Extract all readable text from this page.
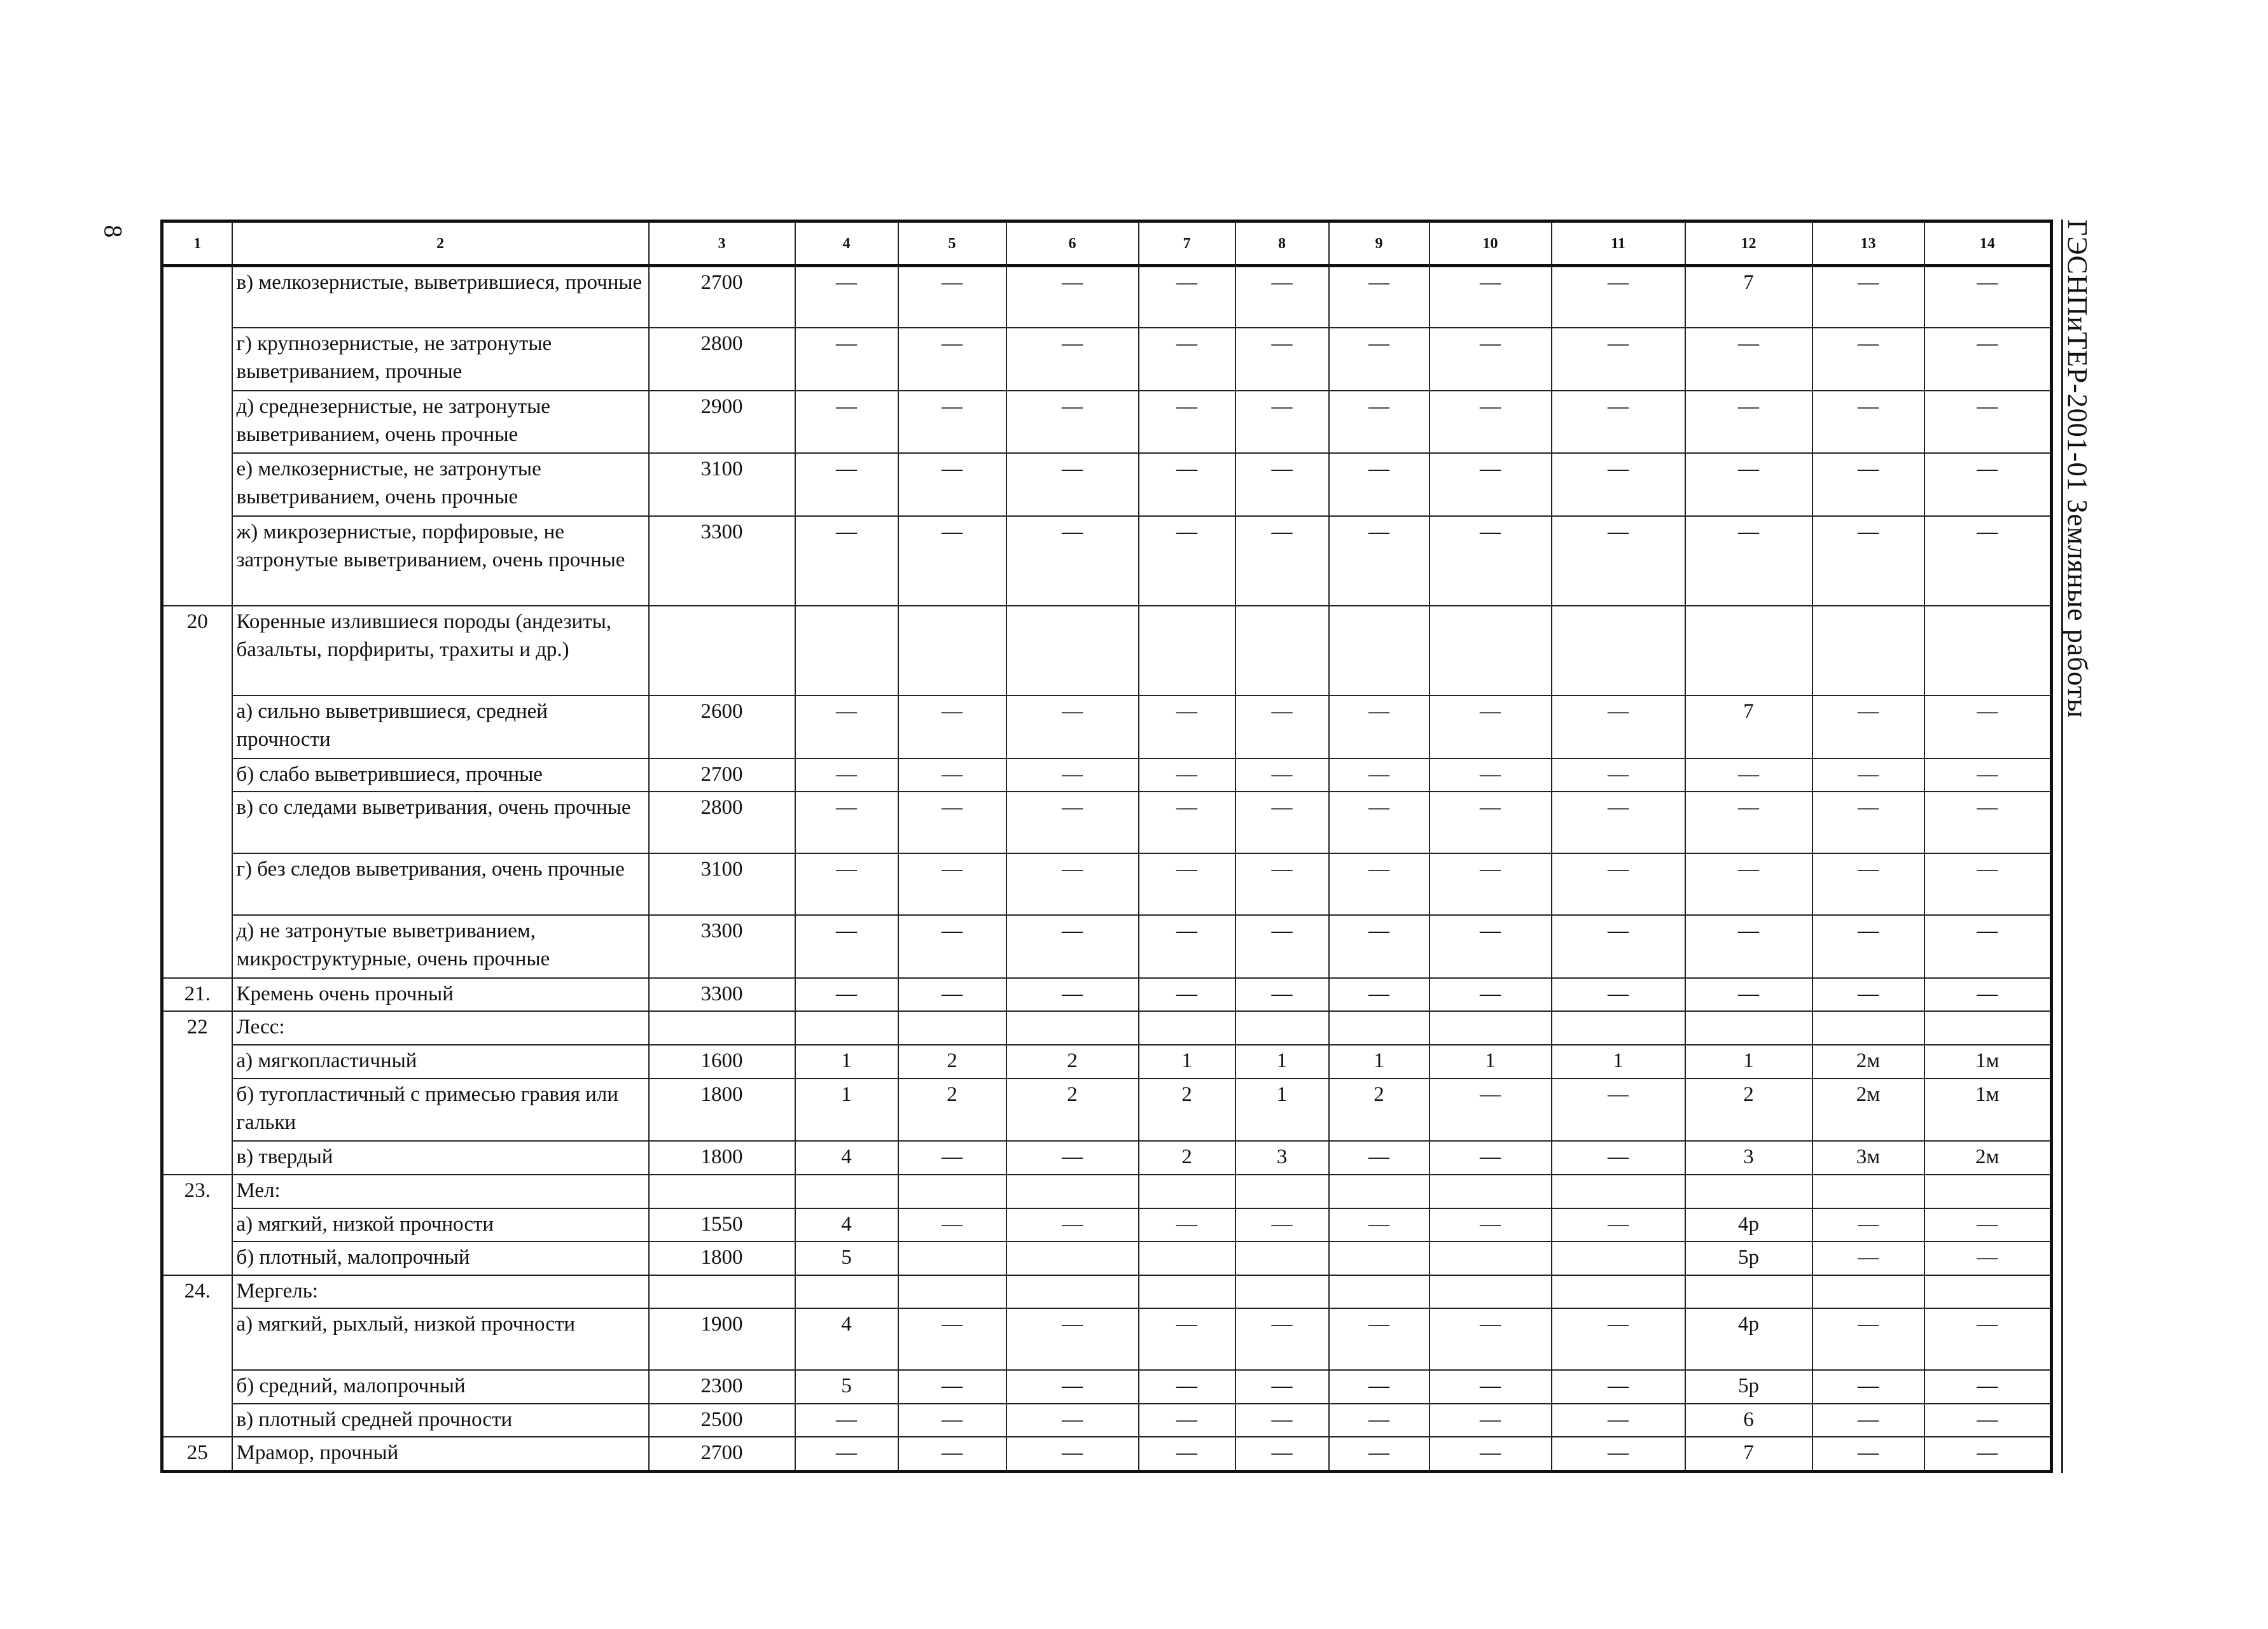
8	ГЭСНПиТЕР-2001-01 Земляные работы
1	2	3	4	5	6	7	8	9	10	11	12	13	14
	в) мелкозернистые, выветрившиеся, прочные	2700	—	—	—	—	—	—	—	—	7	—	—
	г) крупнозернистые, не затронутые выветриванием, прочные	2800	—	—	—	—	—	—	—	—	—	—	—
	д) среднезернистые, не затронутые выветриванием, очень прочные	2900	—	—	—	—	—	—	—	—	—	—	—
	е) мелкозернистые, не затронутые выветриванием, очень прочные	3100	—	—	—	—	—	—	—	—	—	—	—
	ж) микрозернистые, порфировые, не затронутые выветриванием, очень прочные	3300	—	—	—	—	—	—	—	—	—	—	—
20	Коренные излившиеся породы (андезиты, базальты, порфириты, трахиты и др.)												
	а) сильно выветрившиеся, средней прочности	2600	—	—	—	—	—	—	—	—	7	—	—
	б) слабо выветрившиеся, прочные	2700	—	—	—	—	—	—	—	—	—	—	—
	в) со следами выветривания, очень прочные	2800	—	—	—	—	—	—	—	—	—	—	—
	г) без следов выветривания, очень прочные	3100	—	—	—	—	—	—	—	—	—	—	—
	д) не затронутые выветриванием, микроструктурные, очень прочные	3300	—	—	—	—	—	—	—	—	—	—	—
21.	Кремень очень прочный	3300	—	—	—	—	—	—	—	—	—	—	—
22	Лесс:												
	а) мягкопластичный	1600	1	2	2	1	1	1	1	1	1	2м	1м
	б) тугопластичный с примесью гравия или гальки	1800	1	2	2	2	1	2	—	—	2	2м	1м
	в) твердый	1800	4	—	—	2	3	—	—	—	3	3м	2м
23.	Мел:												
	а) мягкий, низкой прочности	1550	4	—	—	—	—	—	—	—	4р	—	—
	б) плотный, малопрочный	1800	5								5р	—	—
24.	Мергель:												
	а) мягкий, рыхлый, низкой прочности	1900	4	—	—	—	—	—	—	—	4р	—	—
	б) средний, малопрочный	2300	5	—	—	—	—	—	—	—	5р	—	—
	в) плотный средней прочности	2500	—	—	—	—	—	—	—	—	6	—	—
25	Мрамор, прочный	2700	—	—	—	—	—	—	—	—	7	—	—
